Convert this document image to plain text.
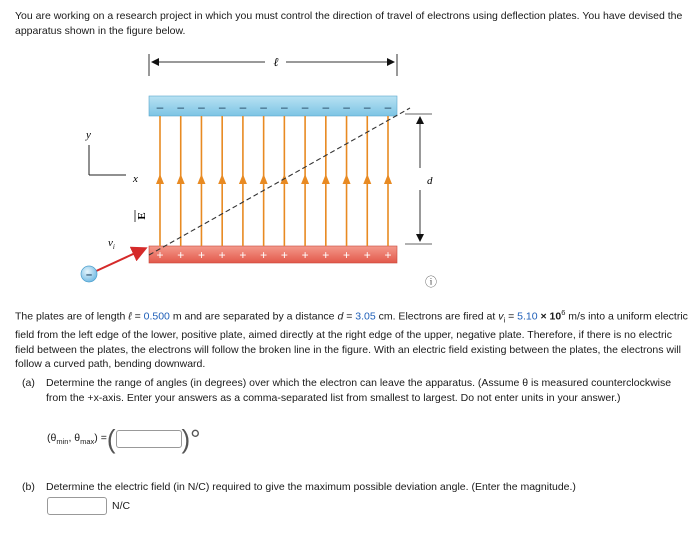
You are working on a research project in which you must control the direction of travel of electrons using deflection plates. You have devised the apparatus shown in the figure below.
ℓ
– – – – – – – – – – – –
+ + + + + + + + + + + +
d
y
x
E
$v_i$
–	ⓘ
The plates are of length ℓ = 0.500 m and are separated by a distance d = 3.05 cm. Electrons are fired at $v_i = 5.10 \times 10^6$ m/s into a uniform electric field from the left edge of the lower, positive plate, aimed directly at the right edge of the upper, negative plate. Therefore, if there is no electric field between the plates, the electrons will follow the broken line in the figure. With an electric field existing between the plates, the electrons will follow a curved path, bending downward.
(a)	Determine the range of angles (in degrees) over which the electron can leave the apparatus. (Assume θ is measured counterclockwise from the +x-axis. Enter your answers as a comma-separated list from smallest to largest. Do not enter units in your answer.)
($\theta_{min}$, $\theta_{max}$) = (	)°
(b)	Determine the electric field (in N/C) required to give the maximum possible deviation angle. (Enter the magnitude.)
N/C
